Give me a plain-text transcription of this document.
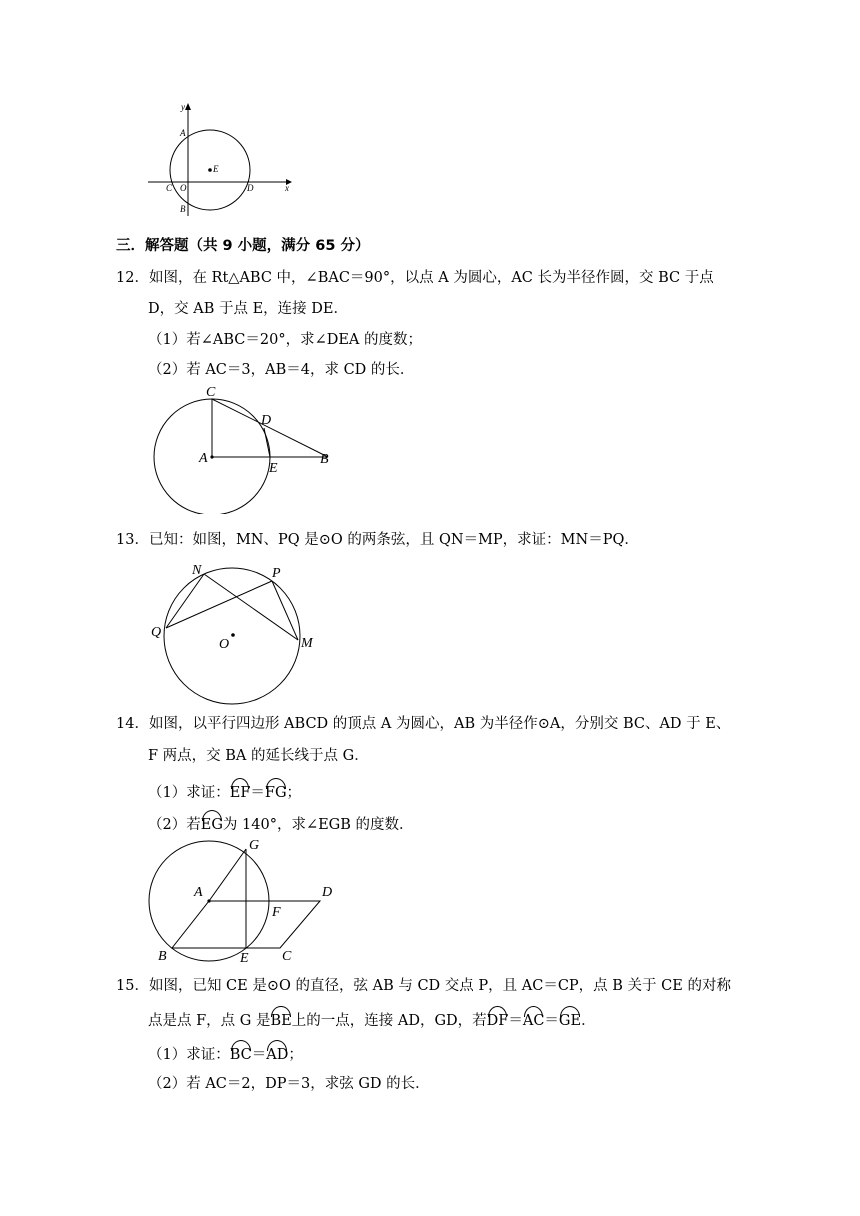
y
x
A
E
C O	D
B
三．解答题（共 9 小题，满分 65 分）
12．如图，在 Rt△ABC 中，∠BAC＝90°，以点 A 为圆心，AC 长为半径作圆，交 BC 于点
D，交 AB 于点 E，连接 DE．
（1）若∠ABC＝20°，求∠DEA 的度数；
（2）若 AC＝3，AB＝4，求 CD 的长．
C
D
A
E
B
13．已知：如图，MN、PQ 是⊙O 的两条弦，且 QN＝MP，求证：MN＝PQ．
N	P
Q
O	M
14．如图，以平行四边形 ABCD 的顶点 A 为圆心，AB 为半径作⊙A，分别交 BC、AD 于 E、
F 两点，交 BA 的延长线于点 G．
（1）求证：EF＝FG；
（2）若EG为 140°，求∠EGB 的度数．
G
A	D
F
B	E C
15．如图，已知 CE 是⊙O 的直径，弦 AB 与 CD 交点 P，且 AC＝CP，点 B 关于 CE 的对称
点是点 F，点 G 是BE上的一点，连接 AD，GD，若DF＝AC＝GE．
（1）求证：BC＝AD；
（2）若 AC＝2，DP＝3，求弦 GD 的长．
